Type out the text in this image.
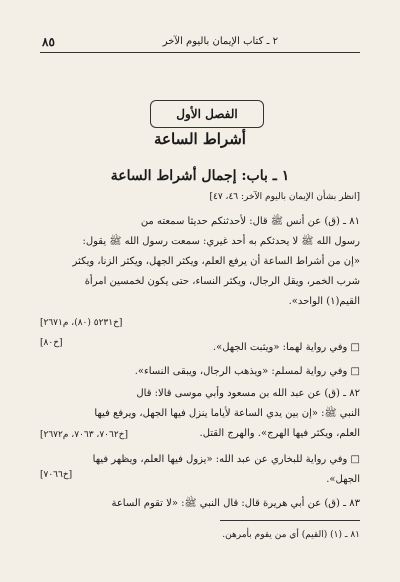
٨٥	٢ ـ كتاب الإيمان باليوم الآخر
الفصل الأول
أشراط الساعة
١ ـ باب: إجمال أشراط الساعة
[انظر بشأن الإيمان باليوم الآخر: ٤٦، ٤٧]
٨١ ـ (ق) عن أنس ﷺ قال: لأحدثنكم حديثا سمعته من
رسول الله ﷺ لا يحدثكم به أحد غيري: سمعت رسول الله ﷺ يقول:
«إن من أشراط الساعة أن يرفع العلم، ويكثر الجهل، ويكثر الزنا، ويكثر
شرب الخمر، ويقل الرجال، ويكثر النساء، حتى يكون لخمسين امرأة
القيم(١) الواحد».
[خ٥٢٣١ (٨٠)، م٢٦٧١]
□ وفي رواية لهما: «ويثبت الجهل».
[خ٨٠]
□ وفي رواية لمسلم: «ويذهب الرجال، ويبقى النساء».
٨٢ ـ (ق) عن عبد الله بن مسعود وأبي موسى قالا: قال
النبي ﷺ: «إن بين يدي الساعة لأياما ينزل فيها الجهل، ويرفع فيها
العلم، ويكثر فيها الهرج». والهرج القتل.
[خ٧٠٦٢، ٧٠٦٣، م٢٦٧٢]
□ وفي رواية للبخاري عن عبد الله: «يزول فيها العلم، ويظهر فيها
الجهل».
[خ٧٠٦٦]
٨٣ ـ (ق) عن أبي هريرة قال: قال النبي ﷺ: «لا تقوم الساعة
٨١ ـ (١) (القيم) أي من يقوم بأمرهن.
